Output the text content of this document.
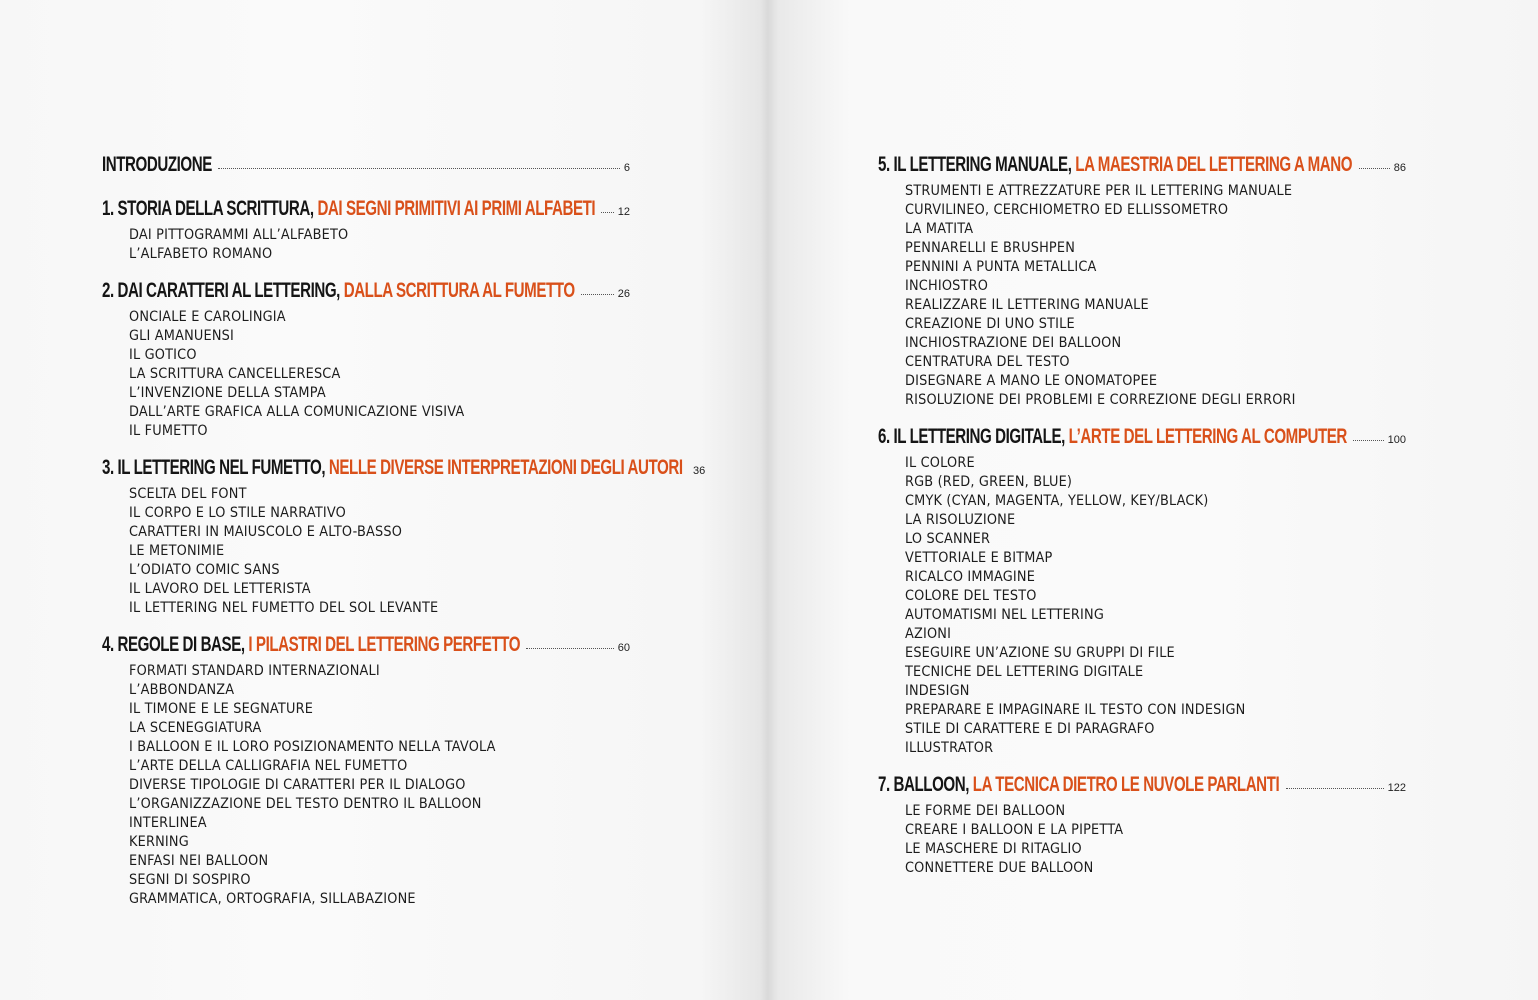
INTRODUZIONE	6
1. STORIA DELLA SCRITTURA, DAI SEGNI PRIMITIVI AI PRIMI ALFABETI 12
DAI PITTOGRAMMI ALL’ALFABETO
L’ALFABETO ROMANO
2. DAI CARATTERI AL LETTERING, DALLA SCRITTURA AL FUMETTO	26
ONCIALE E CAROLINGIA
GLI AMANUENSI
IL GOTICO
LA SCRITTURA CANCELLERESCA
L’INVENZIONE DELLA STAMPA
DALL’ARTE GRAFICA ALLA COMUNICAZIONE VISIVA
IL FUMETTO
3. IL LETTERING NEL FUMETTO, NELLE DIVERSE INTERPRETAZIONI DEGLI AUTORI 36
SCELTA DEL FONT
IL CORPO E LO STILE NARRATIVO
CARATTERI IN MAIUSCOLO E ALTO-BASSO
LE METONIMIE
L’ODIATO COMIC SANS
IL LAVORO DEL LETTERISTA
IL LETTERING NEL FUMETTO DEL SOL LEVANTE
4. REGOLE DI BASE, I PILASTRI DEL LETTERING PERFETTO	60
FORMATI STANDARD INTERNAZIONALI
L’ABBONDANZA
IL TIMONE E LE SEGNATURE
LA SCENEGGIATURA
I BALLOON E IL LORO POSIZIONAMENTO NELLA TAVOLA
L’ARTE DELLA CALLIGRAFIA NEL FUMETTO
DIVERSE TIPOLOGIE DI CARATTERI PER IL DIALOGO
L’ORGANIZZAZIONE DEL TESTO DENTRO IL BALLOON
INTERLINEA
KERNING
ENFASI NEI BALLOON
SEGNI DI SOSPIRO
GRAMMATICA, ORTOGRAFIA, SILLABAZIONE
5. IL LETTERING MANUALE, LA MAESTRIA DEL LETTERING A MANO	86
STRUMENTI E ATTREZZATURE PER IL LETTERING MANUALE
CURVILINEO, CERCHIOMETRO ED ELLISSOMETRO
LA MATITA
PENNARELLI E BRUSHPEN
PENNINI A PUNTA METALLICA
INCHIOSTRO
REALIZZARE IL LETTERING MANUALE
CREAZIONE DI UNO STILE
INCHIOSTRAZIONE DEI BALLOON
CENTRATURA DEL TESTO
DISEGNARE A MANO LE ONOMATOPEE
RISOLUZIONE DEI PROBLEMI E CORREZIONE DEGLI ERRORI
6. IL LETTERING DIGITALE, L’ARTE DEL LETTERING AL COMPUTER	100
IL COLORE
RGB (RED, GREEN, BLUE)
CMYK (CYAN, MAGENTA, YELLOW, KEY/BLACK)
LA RISOLUZIONE
LO SCANNER
VETTORIALE E BITMAP
RICALCO IMMAGINE
COLORE DEL TESTO
AUTOMATISMI NEL LETTERING
AZIONI
ESEGUIRE UN’AZIONE SU GRUPPI DI FILE
TECNICHE DEL LETTERING DIGITALE
INDESIGN
PREPARARE E IMPAGINARE IL TESTO CON INDESIGN
STILE DI CARATTERE E DI PARAGRAFO
ILLUSTRATOR
7. BALLOON, LA TECNICA DIETRO LE NUVOLE PARLANTI	122
LE FORME DEI BALLOON
CREARE I BALLOON E LA PIPETTA
LE MASCHERE DI RITAGLIO
CONNETTERE DUE BALLOON
